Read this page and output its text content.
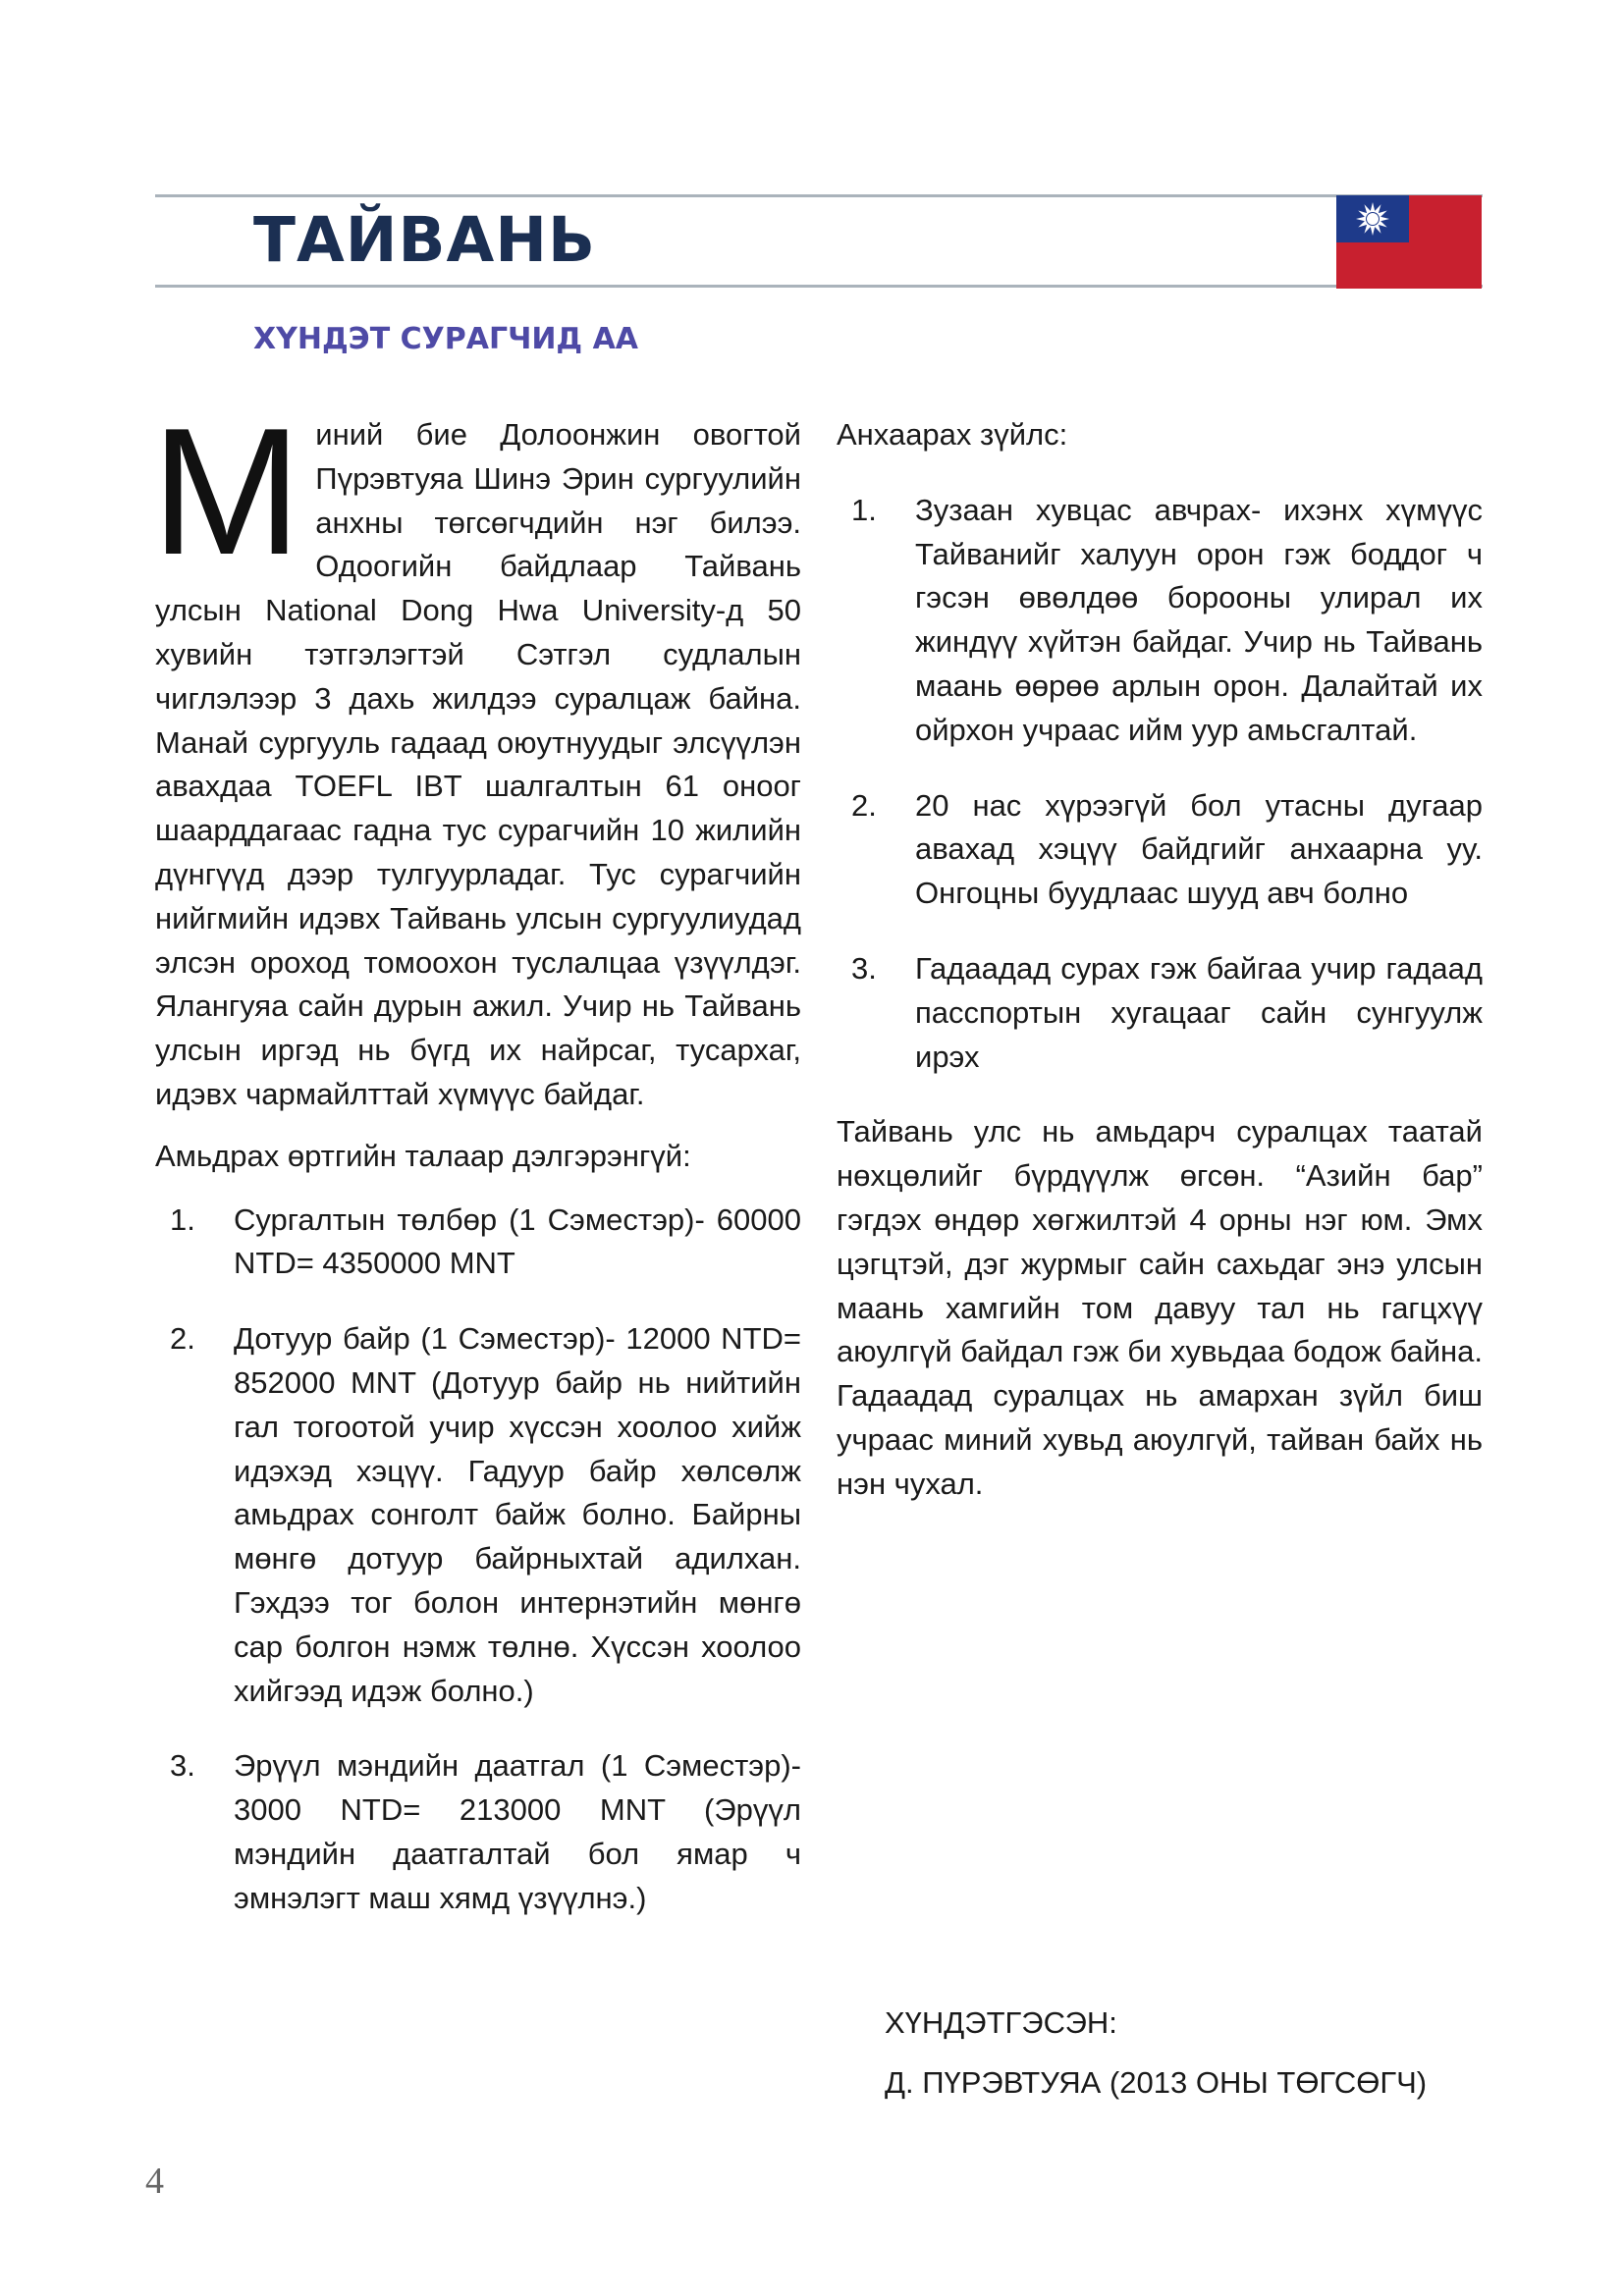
ТАЙВАНЬ
ХҮНДЭТ СУРАГЧИД АА

Миний бие Долоонжин овогтой Пүрэвтуяа Шинэ Эрин сургуулийн анхны төгсөгчдийн нэг билээ. Одоогийн байдлаар Тайвань улсын National Dong Hwa University-д 50 хувийн тэтгэлэгтэй Сэтгэл судлалын чиглэлээр 3 дахь жилдээ суралцаж байна. Манай сургууль гадаад оюутнуудыг элсүүлэн авахдаа TOEFL IBT шалгалтын 61 оноог шаарддагаас гадна тус сурагчийн 10 жилийн дүнгүүд дээр тулгуурладаг. Тус сурагчийн нийгмийн идэвх Тайвань улсын сургуулиудад элсэн ороход томоохон туслалцаа үзүүлдэг. Ялангуяа сайн дурын ажил. Учир нь Тайвань улсын иргэд нь бүгд их найрсаг, тусархаг, идэвх чармайлттай хүмүүс байдаг.

Амьдрах өртгийн талаар дэлгэрэнгүй:

1. Сургалтын төлбөр (1 Сэместэр)- 60000 NTD= 4350000 MNT
2. Дотуур байр (1 Сэместэр)- 12000 NTD= 852000 MNT (Дотуур байр нь нийтийн гал тогоотой учир хүссэн хоолоо хийж идэхэд хэцүү. Гадуур байр хөлсөлж амьдрах сонголт байж болно. Байрны мөнгө дотуур байрныхтай адилхан. Гэхдээ тог болон интернэтийн мөнгө сар болгон нэмж төлнө. Хүссэн хоолоо хийгээд идэж болно.)
3. Эрүүл мэндийн даатгал (1 Сэместэр)- 3000 NTD= 213000 MNT (Эрүүл мэндийн даатгалтай бол ямар ч эмнэлэгт маш хямд үзүүлнэ.)

Анхаарах зүйлс:

1. Зузаан хувцас авчрах- ихэнх хүмүүс Тайванийг халуун орон гэж боддог ч гэсэн өвөлдөө борооны улирал их жиндүү хүйтэн байдаг. Учир нь Тайвань маань өөрөө арлын орон. Далайтай их ойрхон учраас ийм уур амьсгалтай.
2. 20 нас хүрээгүй бол утасны дугаар авахад хэцүү байдгийг анхаарна уу. Онгоцны буудлаас шууд авч болно
3. Гадаадад сурах гэж байгаа учир гадаад пасспортын хугацааг сайн сунгуулж ирэх

Тайвань улс нь амьдарч суралцах таатай нөхцөлийг бүрдүүлж өгсөн. “Азийн бар” гэгдэх өндөр хөгжилтэй 4 орны нэг юм. Эмх цэгцтэй, дэг журмыг сайн сахьдаг энэ улсын маань хамгийн том давуу тал нь гагцхүү аюулгүй байдал гэж би хувьдаа бодож байна. Гадаадад суралцах нь амархан зүйл биш учраас миний хувьд аюулгүй, тайван байх нь нэн чухал.

ХҮНДЭТГЭСЭН:

Д. ПҮРЭВТУЯА (2013 ОНЫ ТӨГСӨГЧ)

4
